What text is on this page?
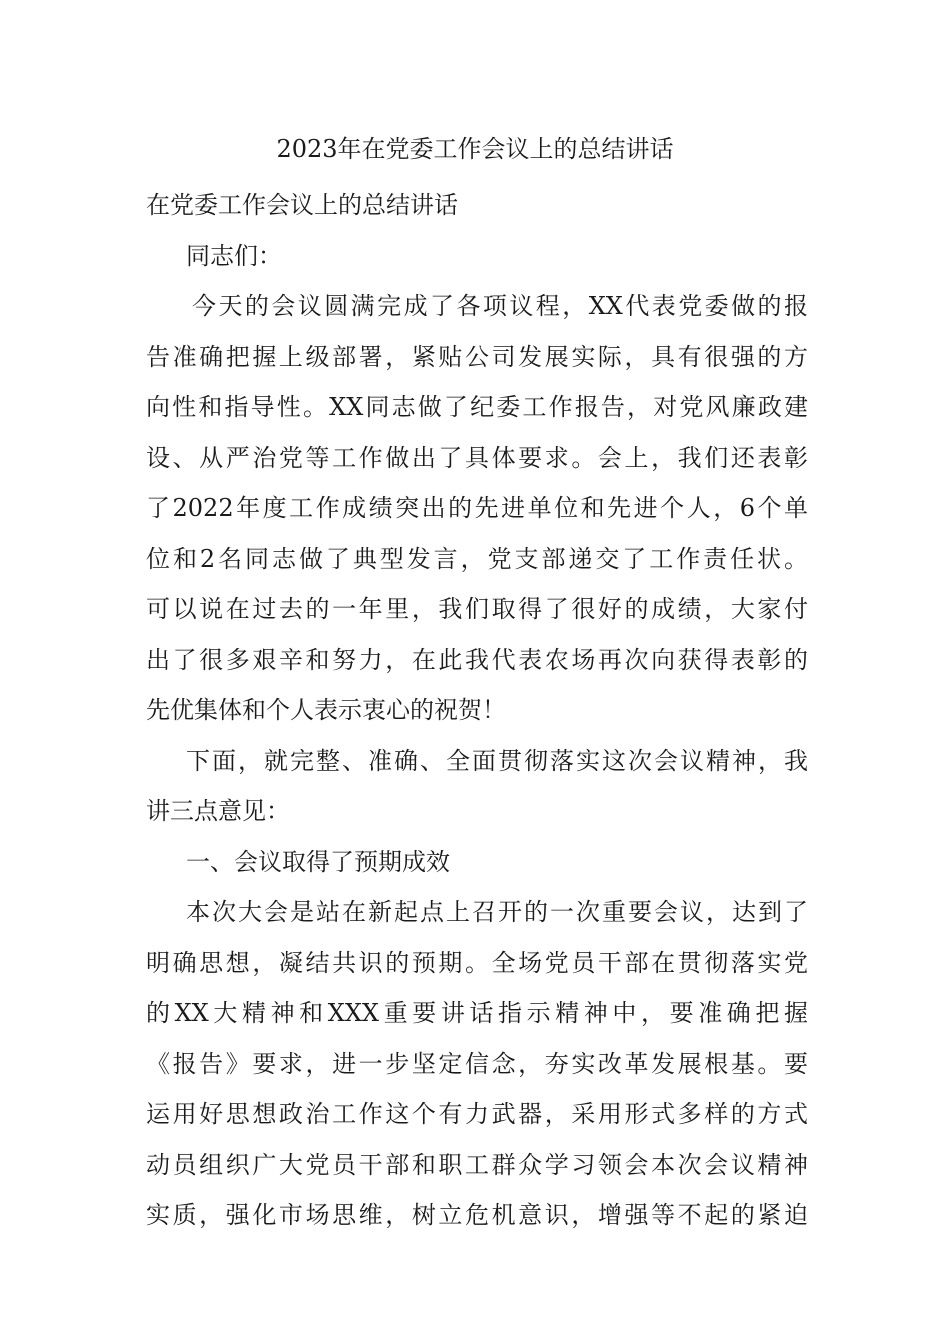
2023年在党委工作会议上的总结讲话
在党委工作会议上的总结讲话
同志们：
今天的会议圆满完成了各项议程，XX代表党委做的报
告准确把握上级部署，紧贴公司发展实际，具有很强的方
向性和指导性。XX同志做了纪委工作报告，对党风廉政建
设、从严治党等工作做出了具体要求。会上，我们还表彰
了2022年度工作成绩突出的先进单位和先进个人，6个单
位和2名同志做了典型发言，党支部递交了工作责任状。
可以说在过去的一年里，我们取得了很好的成绩，大家付
出了很多艰辛和努力，在此我代表农场再次向获得表彰的
先优集体和个人表示衷心的祝贺！
下面，就完整、准确、全面贯彻落实这次会议精神，我
讲三点意见：
一、会议取得了预期成效
本次大会是站在新起点上召开的一次重要会议，达到了
明确思想，凝结共识的预期。全场党员干部在贯彻落实党
的XX大精神和XXX重要讲话指示精神中，要准确把握
《报告》要求，进一步坚定信念，夯实改革发展根基。要
运用好思想政治工作这个有力武器，采用形式多样的方式
动员组织广大党员干部和职工群众学习领会本次会议精神
实质，强化市场思维，树立危机意识，增强等不起的紧迫
